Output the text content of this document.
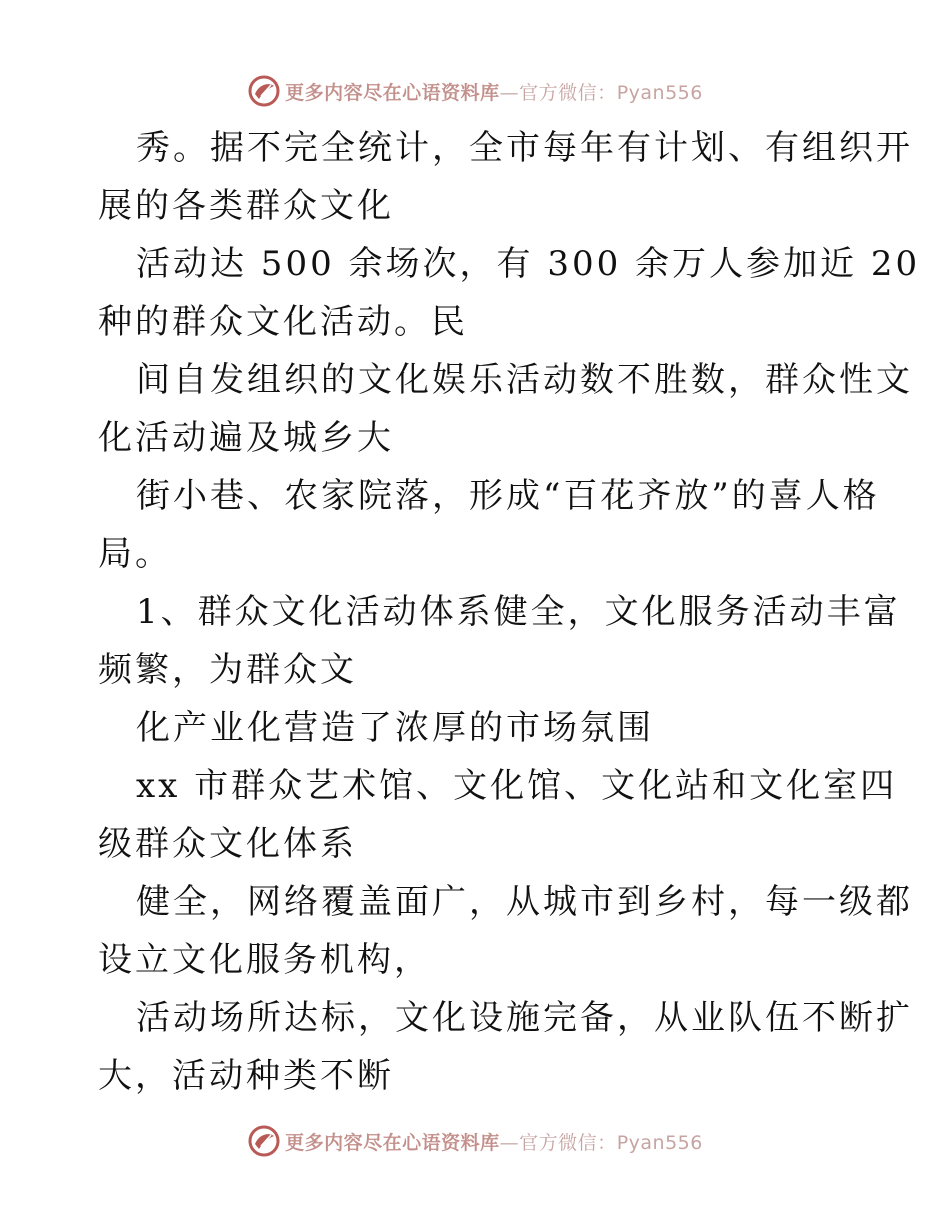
更多内容尽在心语资料库—官方微信：Pyan556
秀。据不完全统计，全市每年有计划、有组织开
展的各类群众文化
活动达 500 余场次，有 300 余万人参加近 20
种的群众文化活动。民
间自发组织的文化娱乐活动数不胜数，群众性文
化活动遍及城乡大
街小巷、农家院落，形成“百花齐放”的喜人格
局。
1、群众文化活动体系健全，文化服务活动丰富
频繁，为群众文
化产业化营造了浓厚的市场氛围
xx 市群众艺术馆、文化馆、文化站和文化室四
级群众文化体系
健全，网络覆盖面广，从城市到乡村，每一级都
设立文化服务机构，
活动场所达标，文化设施完备，从业队伍不断扩
大，活动种类不断
更多内容尽在心语资料库—官方微信：Pyan556
